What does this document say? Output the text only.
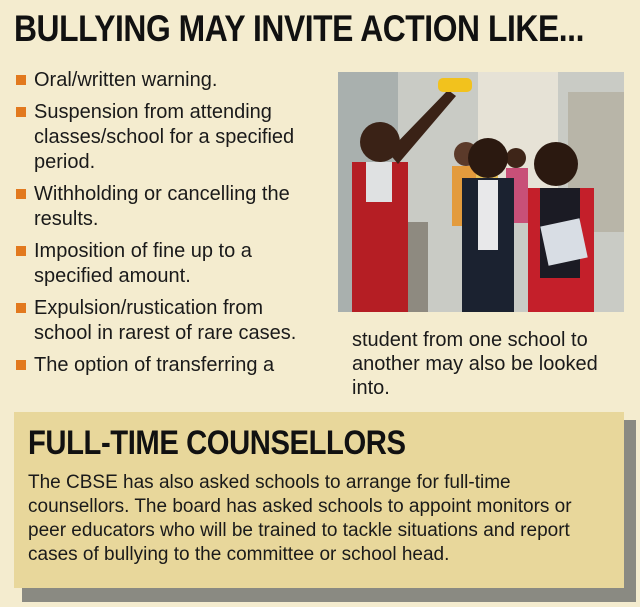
BULLYING MAY INVITE ACTION LIKE...
Oral/written warning.
Suspension from attending classes/school for a specified period.
Withholding or cancelling the results.
Imposition of fine up to a specified amount.
Expulsion/rustication from school in rarest of rare cases.
The option of transferring a
student from one school to another may also be looked into.
FULL-TIME COUNSELLORS
The CBSE has also asked schools to arrange for full-time counsellors. The board has asked schools to appoint monitors or peer educators who will be trained to tackle situations and report cases of bullying to the committee or school head.
